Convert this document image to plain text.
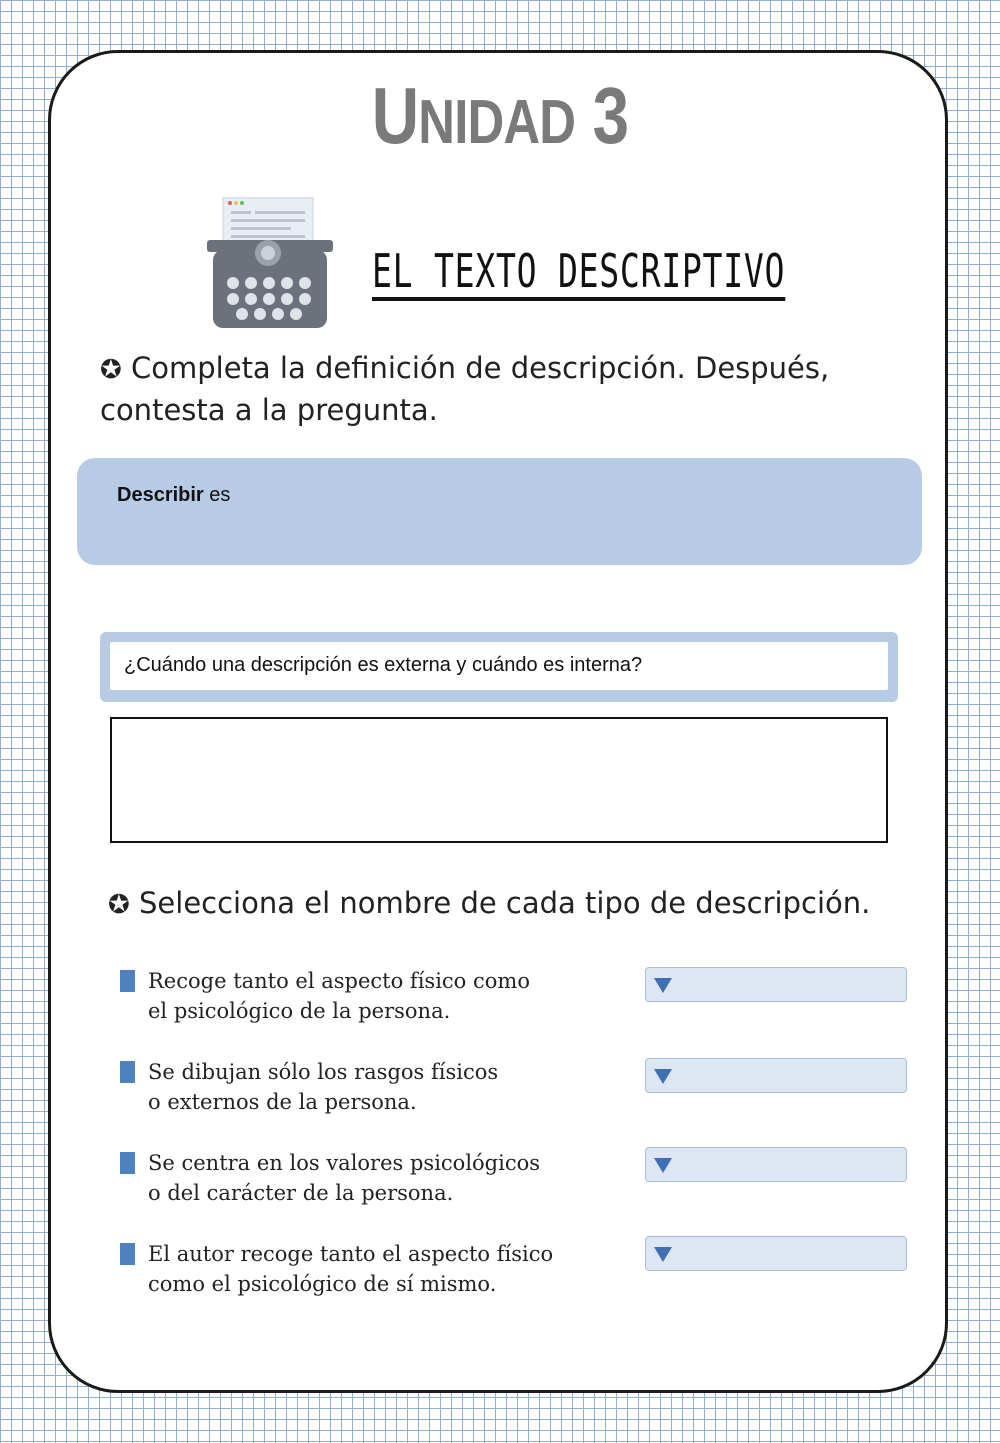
UNIDAD 3
EL TEXTO DESCRIPTIVO
✪ Completa la definición de descripción. Después, contesta a la pregunta.
Describir es
¿Cuándo una descripción es externa y cuándo es interna?
✪ Selecciona el nombre de cada tipo de descripción.
Recoge tanto el aspecto físico como
el psicológico de la persona.
Se dibujan sólo los rasgos físicos
o externos de la persona.
Se centra en los valores psicológicos
o del carácter de la persona.
El autor recoge tanto el aspecto físico
como el psicológico de sí mismo.
